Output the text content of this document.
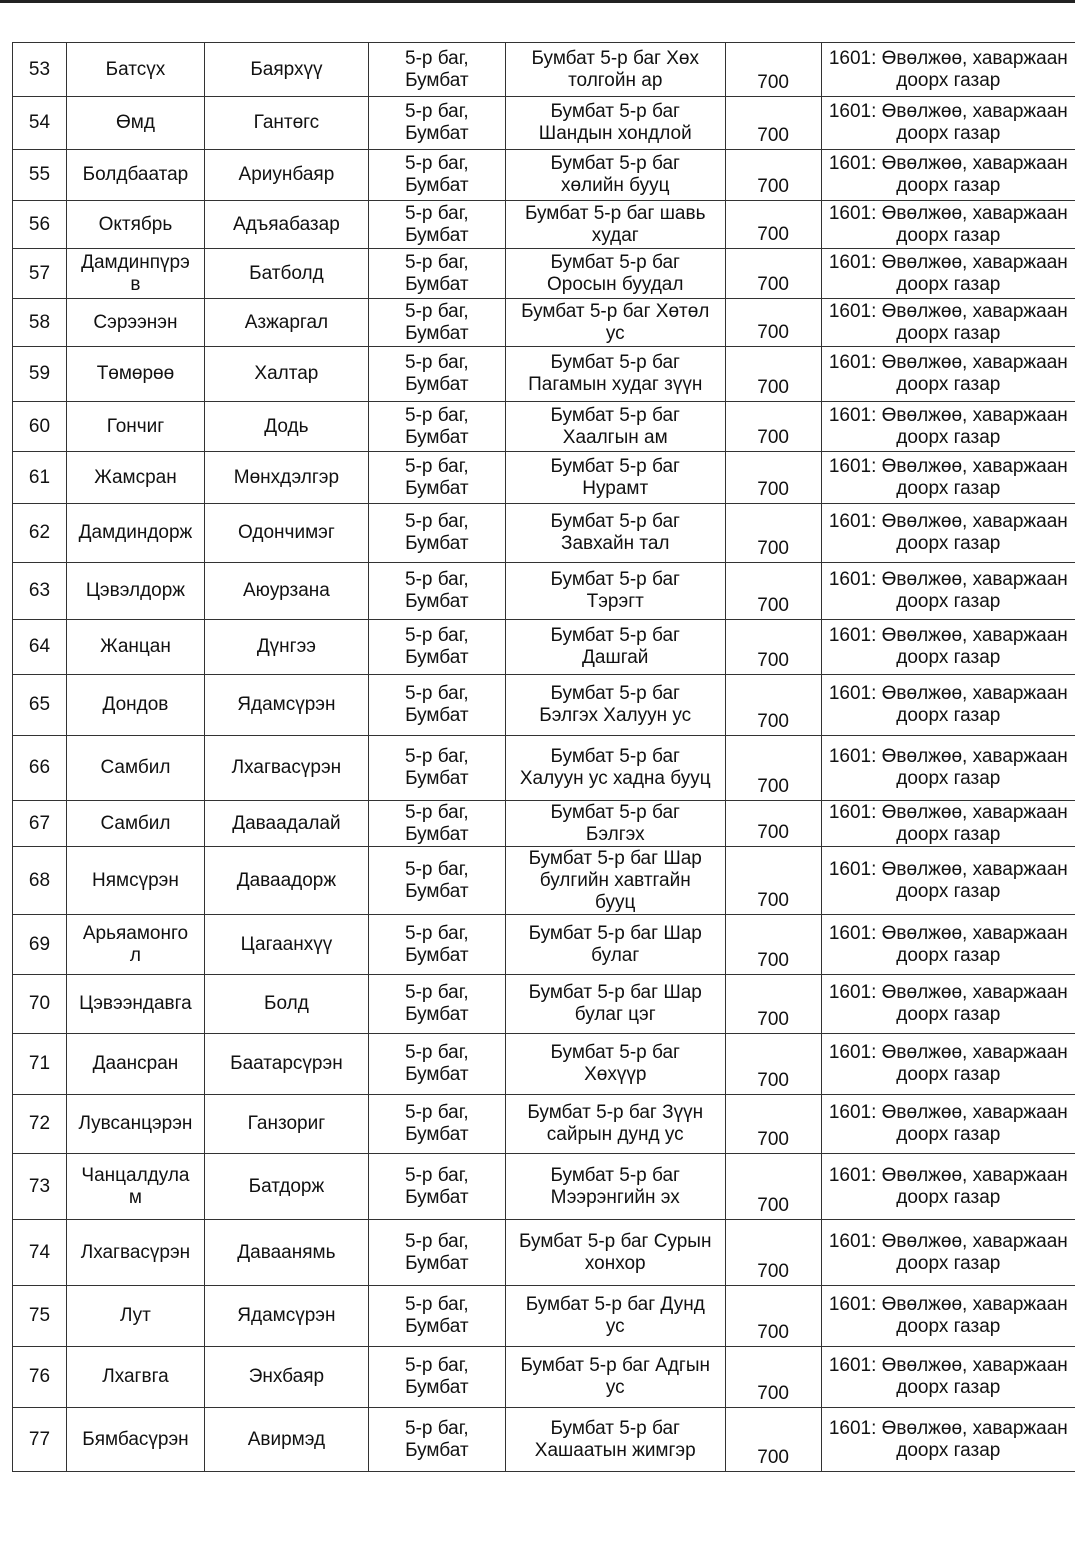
53	Батсүх	Баярхүү	5-р баг,
Бумбат	Бумбат 5-р баг Хөх
толгойн ар	700	1601: Өвөлжөө, хаваржаан
доорх газар
54	Өмд	Гантөгс	5-р баг,
Бумбат	Бумбат 5-р баг
Шандын хондлой	700	1601: Өвөлжөө, хаваржаан
доорх газар
55	Болдбаатар	Ариунбаяр	5-р баг,
Бумбат	Бумбат 5-р баг
хөлийн бууц	700	1601: Өвөлжөө, хаваржаан
доорх газар
56	Октябрь	Адъяабазар	5-р баг,
Бумбат	Бумбат 5-р баг шавь
худаг	700	1601: Өвөлжөө, хаваржаан
доорх газар
57	Дамдинпүрэ
в	Батболд	5-р баг,
Бумбат	Бумбат 5-р баг
Оросын буудал	700	1601: Өвөлжөө, хаваржаан
доорх газар
58	Сэрээнэн	Азжаргал	5-р баг,
Бумбат	Бумбат 5-р баг Хөтөл
ус	700	1601: Өвөлжөө, хаваржаан
доорх газар
59	Төмөрөө	Халтар	5-р баг,
Бумбат	Бумбат 5-р баг
Пагамын худаг зүүн	700	1601: Өвөлжөө, хаваржаан
доорх газар
60	Гончиг	Додь	5-р баг,
Бумбат	Бумбат 5-р баг
Хаалгын ам	700	1601: Өвөлжөө, хаваржаан
доорх газар
61	Жамсран	Мөнхдэлгэр	5-р баг,
Бумбат	Бумбат 5-р баг
Нурамт	700	1601: Өвөлжөө, хаваржаан
доорх газар
62	Дамдиндорж	Одончимэг	5-р баг,
Бумбат	Бумбат 5-р баг
Завхайн тал	700	1601: Өвөлжөө, хаваржаан
доорх газар
63	Цэвэлдорж	Аюурзана	5-р баг,
Бумбат	Бумбат 5-р баг
Тэрэгт	700	1601: Өвөлжөө, хаваржаан
доорх газар
64	Жанцан	Дүнгээ	5-р баг,
Бумбат	Бумбат 5-р баг
Дашгай	700	1601: Өвөлжөө, хаваржаан
доорх газар
65	Дондов	Ядамсүрэн	5-р баг,
Бумбат	Бумбат 5-р баг
Бэлгэх Халуун ус	700	1601: Өвөлжөө, хаваржаан
доорх газар
66	Самбил	Лхагвасүрэн	5-р баг,
Бумбат	Бумбат 5-р баг
Халуун ус хадна бууц	700	1601: Өвөлжөө, хаваржаан
доорх газар
67	Самбил	Даваадалай	5-р баг,
Бумбат	Бумбат 5-р баг
Бэлгэх	700	1601: Өвөлжөө, хаваржаан
доорх газар
68	Нямсүрэн	Даваадорж	5-р баг,
Бумбат	Бумбат 5-р баг Шар
булгийн хавтгайн
бууц	700	1601: Өвөлжөө, хаваржаан
доорх газар
69	Арьяамонго
л	Цагаанхүү	5-р баг,
Бумбат	Бумбат 5-р баг Шар
булаг	700	1601: Өвөлжөө, хаваржаан
доорх газар
70	Цэвээндавга	Болд	5-р баг,
Бумбат	Бумбат 5-р баг Шар
булаг цэг	700	1601: Өвөлжөө, хаваржаан
доорх газар
71	Даансран	Баатарсүрэн	5-р баг,
Бумбат	Бумбат 5-р баг
Хөхүүр	700	1601: Өвөлжөө, хаваржаан
доорх газар
72	Лувсанцэрэн	Ганзориг	5-р баг,
Бумбат	Бумбат 5-р баг Зүүн
сайрын дунд ус	700	1601: Өвөлжөө, хаваржаан
доорх газар
73	Чанцалдула
м	Батдорж	5-р баг,
Бумбат	Бумбат 5-р баг
Мээрэнгийн эх	700	1601: Өвөлжөө, хаваржаан
доорх газар
74	Лхагвасүрэн	Даваанямь	5-р баг,
Бумбат	Бумбат 5-р баг Сурын
хонхор	700	1601: Өвөлжөө, хаваржаан
доорх газар
75	Лут	Ядамсүрэн	5-р баг,
Бумбат	Бумбат 5-р баг Дунд
ус	700	1601: Өвөлжөө, хаваржаан
доорх газар
76	Лхагвга	Энхбаяр	5-р баг,
Бумбат	Бумбат 5-р баг Адгын
ус	700	1601: Өвөлжөө, хаваржаан
доорх газар
77	Бямбасүрэн	Авирмэд	5-р баг,
Бумбат	Бумбат 5-р баг
Хашаатын жимгэр	700	1601: Өвөлжөө, хаваржаан
доорх газар
